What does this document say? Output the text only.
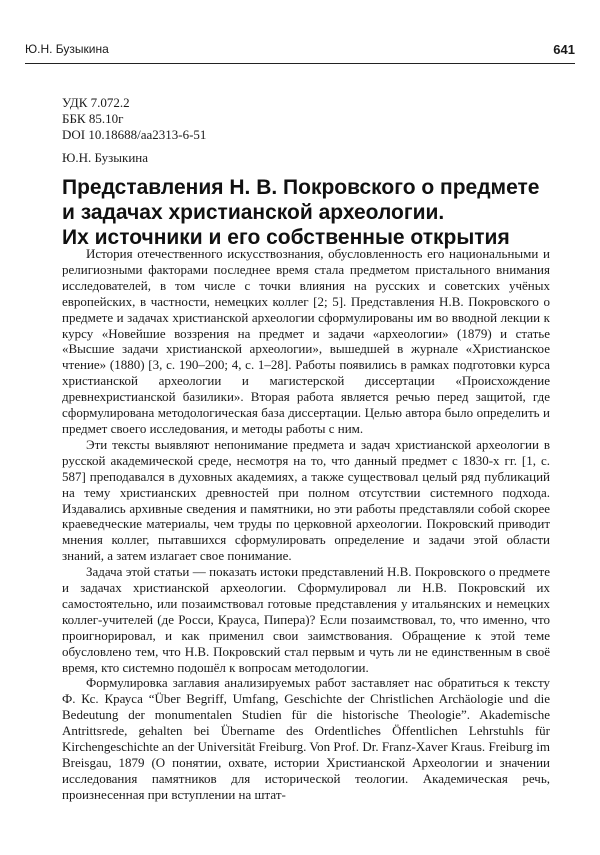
Ю.Н. Бузыкина	641
УДК 7.072.2
ББК 85.10г
DOI 10.18688/aa2313-6-51
Ю.Н. Бузыкина
Представления Н. В. Покровского о предмете
и задачах христианской археологии.
Их источники и его собственные открытия

История отечественного искусствознания, обусловленность его национальными и религиозными факторами последнее время стала предметом пристального внимания исследователей, в том числе с точки влияния на русских и советских учёных европейских, в частности, немецких коллег [2; 5]. Представления Н.В. Покровского о предмете и задачах христианской археологии сформулированы им во вводной лекции к курсу «Новейшие воззрения на предмет и задачи «археологии» (1879) и статье «Высшие задачи христианской археологии», вышедшей в журнале «Христианское чтение» (1880) [3, с. 190–200; 4, с. 1–28]. Работы появились в рамках подготовки курса христианской археологии и магистерской диссертации «Происхождение древнехристианской базилики». Вторая работа является речью перед защитой, где сформулирована методологическая база диссертации. Целью автора было определить и предмет своего исследования, и методы работы с ним.

Эти тексты выявляют непонимание предмета и задач христианской археологии в русской академической среде, несмотря на то, что данный предмет с 1830-х гг. [1, с. 587] преподавался в духовных академиях, а также существовал целый ряд публикаций на тему христианских древностей при полном отсутствии системного подхода. Издавались архивные сведения и памятники, но эти работы представляли собой скорее краеведческие материалы, чем труды по церковной археологии. Покровский приводит мнения коллег, пытавшихся сформулировать определение и задачи этой области знаний, а затем излагает свое понимание.

Задача этой статьи — показать истоки представлений Н.В. Покровского о предмете и задачах христианской археологии. Сформулировал ли Н.В. Покровский их самостоятельно, или позаимствовал готовые представления у итальянских и немецких коллег-учителей (де Росси, Крауса, Пипера)? Если позаимствовал, то, что именно, что проигнорировал, и как применил свои заимствования. Обращение к этой теме обусловлено тем, что Н.В. Покровский стал первым и чуть ли не единственным в своё время, кто системно подошёл к вопросам методологии.

Формулировка заглавия анализируемых работ заставляет нас обратиться к тексту Ф. Кс. Крауса “Über Begriff, Umfang, Geschichte der Christlichen Archäologie und die Bedeutung der monumentalen Studien für die historische Theologie”. Akademische Antrittsrede, gehalten bei Übername des Ordentliches Öffentlichen Lehrstuhls für Kirchengeschichte an der Universität Freiburg. Von Prof. Dr. Franz-Xaver Kraus. Freiburg im Breisgau, 1879 (О понятии, охвате, истории Христианской Археологии и значении исследования памятников для исторической теологии. Академическая речь, произнесенная при вступлении на штат-
